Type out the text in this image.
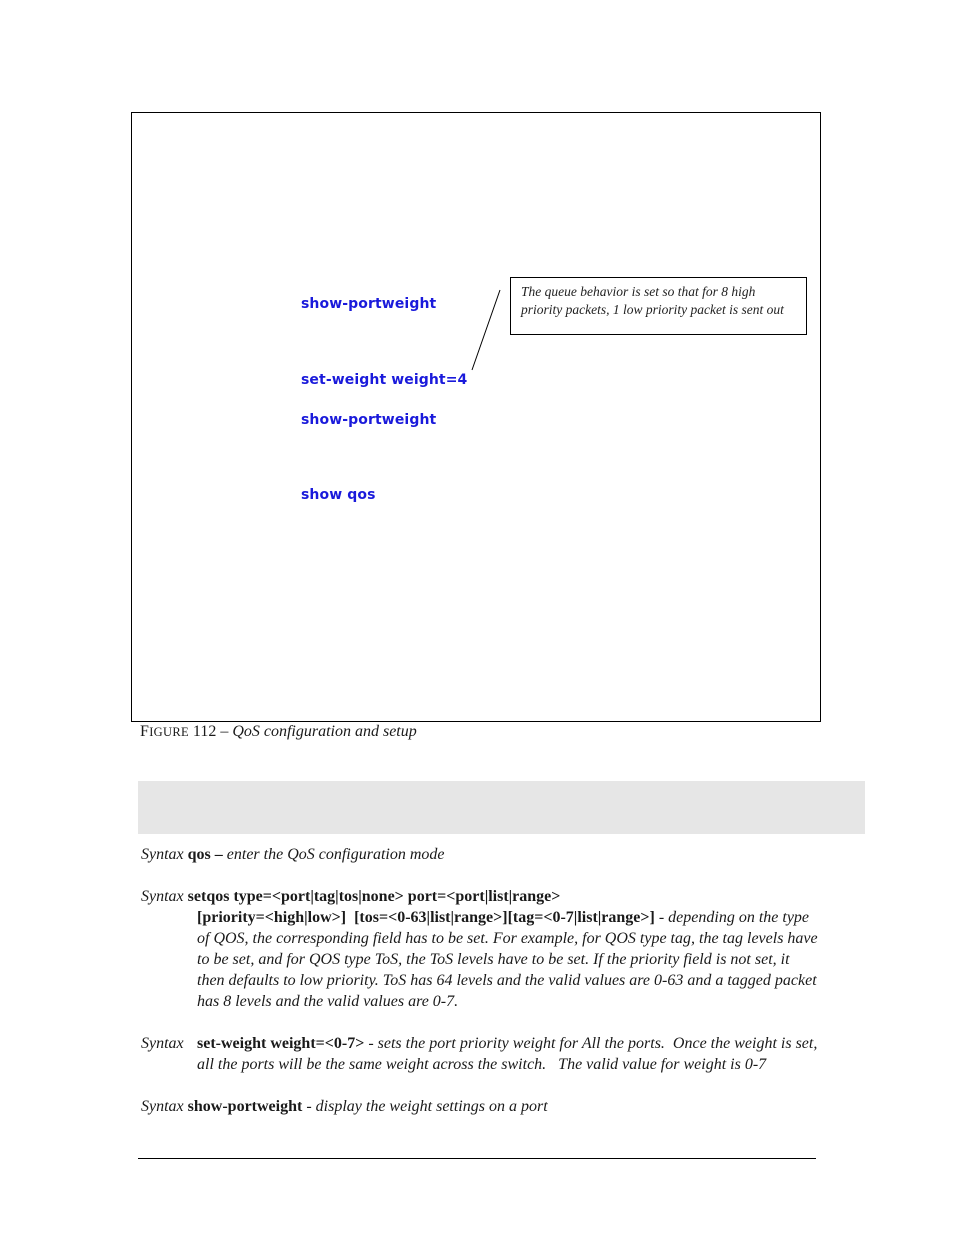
show-portweight
set-weight weight=4
show-portweight
show qos
The queue behavior is set so that for 8 high priority packets, 1 low priority packet is sent out
FIGURE 112 – QoS configuration and setup
Syntax qos – enter the QoS configuration mode
Syntax setqos type=<port|tag|tos|none> port=<port|list|range>
[priority=<high|low>]  [tos=<0-63|list|range>][tag=<0-7|list|range>] - depending on the type of QOS, the corresponding field has to be set. For example, for QOS type tag, the tag levels have to be set, and for QOS type ToS, the ToS levels have to be set. If the priority field is not set, it then defaults to low priority. ToS has 64 levels and the valid values are 0-63 and a tagged packet has 8 levels and the valid values are 0-7.
Syntax set-weight weight=<0-7> - sets the port priority weight for All the ports.  Once the weight is set, all the ports will be the same weight across the switch.   The valid value for weight is 0-7
Syntax show-portweight - display the weight settings on a port
